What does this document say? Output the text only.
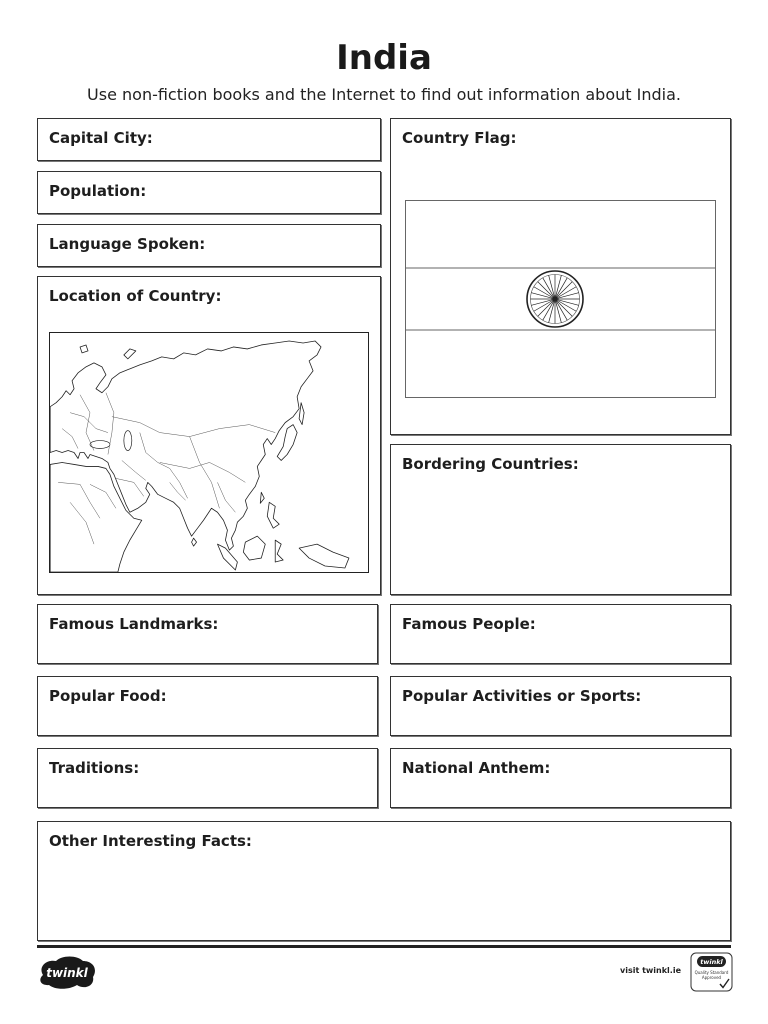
India
Use non-fiction books and the Internet to find out information about India.
Capital City:
Population:
Language Spoken:
Location of Country:
Country Flag:
Bordering Countries:
Famous Landmarks:	Famous People:
Popular Food:	Popular Activities or Sports:
Traditions:	National Anthem:
Other Interesting Facts:
twinkl	visit twinkl.ie
twinkl
Quality Standard
Approved
